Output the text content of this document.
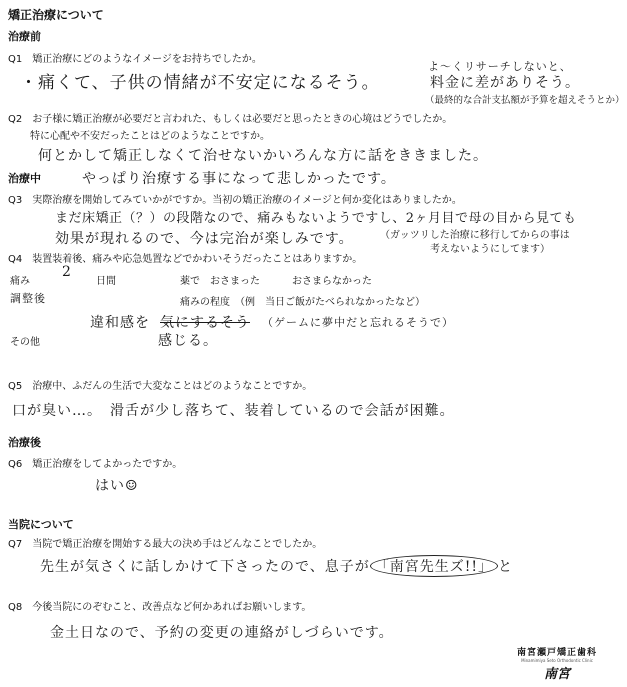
矯正治療について
治療前
Q1　矯正治療にどのようなイメージをお持ちでしたか。
・痛くて、子供の情緒が不安定になるそう。
よ〜くリサーチしないと、
料金に差がありそう。
（最終的な合計支払額が予算を超えそうとか）
Q2　お子様に矯正治療が必要だと言われた、もしくは必要だと思ったときの心境はどうでしたか。
特に心配や不安だったことはどのようなことですか。
何とかして矯正しなくて治せないかいろんな方に話をききました。
治療中	やっぱり治療する事になって悲しかったです。
Q3　実際治療を開始してみていかがですか。当初の矯正治療のイメージと何か変化はありましたか。
まだ床矯正（？）の段階なので、痛みもないようですし、2ヶ月目で母の目から見ても
効果が現れるので、今は完治が楽しみです。	（ガッツリした治療に移行してからの事は
考えないようにしてます）
Q4　装置装着後、痛みや応急処置などでかわいそうだったことはありますか。
痛み
2
日間	薬で おさまった	おさまらなかった
調整後	痛みの程度　（例　当日ご飯がたべられなかったなど）
違和感を 気にするそう （ゲームに夢中だと忘れるそうで）
感じる。
その他
Q5　治療中、ふだんの生活で大変なことはどのようなことですか。
口が臭い…。　滑舌が少し落ちて、装着しているので会話が困難。
治療後
Q6　矯正治療をしてよかったですか。
はい☺
当院について
Q7　当院で矯正治療を開始する最大の決め手はどんなことでしたか。
先生が気さくに話しかけて下さったので、息子が 「南宮先生ズ!!」 と
Q8　今後当院にのぞむこと、改善点など何かあればお願いします。
金土日なので、予約の変更の連絡がしづらいです。
南宮瀬戸矯正歯科
Minamimiya Seto Orthodontic Clinic
南宮
